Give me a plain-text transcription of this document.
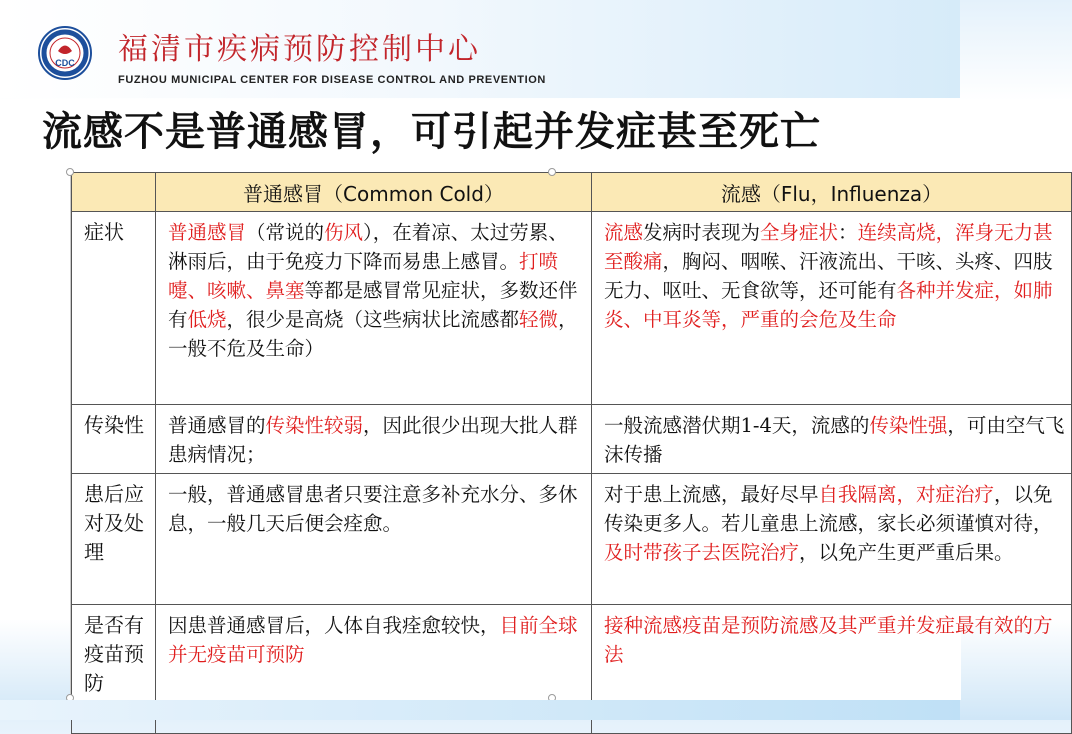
CDC 福清市疾病预防控制中心
FUZHOU MUNICIPAL CENTER FOR DISEASE CONTROL AND PREVENTION
流感不是普通感冒，可引起并发症甚至死亡
	普通感冒（Common Cold）	流感（Flu，Influenza）
症状	普通感冒（常说的伤风），在着凉、太过劳累、淋雨后，由于免疫力下降而易患上感冒。打喷嚏、咳嗽、鼻塞等都是感冒常见症状，多数还伴有低烧，很少是高烧（这些病状比流感都轻微，一般不危及生命）	流感发病时表现为全身症状：连续高烧，浑身无力甚至酸痛，胸闷、咽喉、汗液流出、干咳、头疼、四肢无力、呕吐、无食欲等，还可能有各种并发症，如肺炎、中耳炎等，严重的会危及生命
传染性	普通感冒的传染性较弱，因此很少出现大批人群患病情况；	一般流感潜伏期1-4天，流感的传染性强，可由空气飞沫传播
患后应对及处理	一般，普通感冒患者只要注意多补充水分、多休息，一般几天后便会痊愈。	对于患上流感，最好尽早自我隔离，对症治疗，以免传染更多人。若儿童患上流感，家长必须谨慎对待，及时带孩子去医院治疗，以免产生更严重后果。
是否有疫苗预防	因患普通感冒后，人体自我痊愈较快，目前全球并无疫苗可预防	接种流感疫苗是预防流感及其严重并发症最有效的方法
